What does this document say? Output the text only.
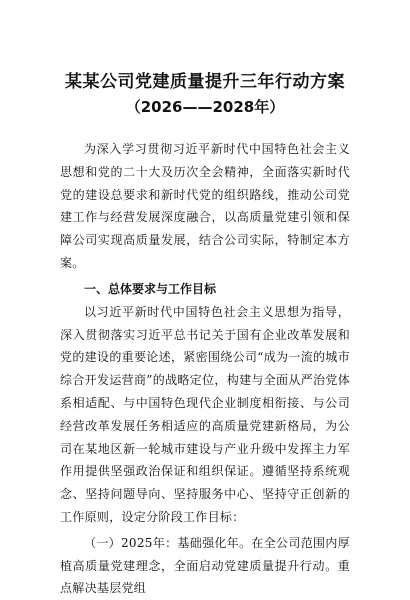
某某公司党建质量提升三年行动方案
（2026——2028年）

为深入学习贯彻习近平新时代中国特色社会主义思想和党的二十大及历次全会精神，全面落实新时代党的建设总要求和新时代党的组织路线，推动公司党建工作与经营发展深度融合，以高质量党建引领和保障公司实现高质量发展，结合公司实际，特制定本方案。

一、总体要求与工作目标

以习近平新时代中国特色社会主义思想为指导，深入贯彻落实习近平总书记关于国有企业改革发展和党的建设的重要论述，紧密围绕公司“成为一流的城市综合开发运营商”的战略定位，构建与全面从严治党体系相适配、与中国特色现代企业制度相衔接、与公司经营改革发展任务相适应的高质量党建新格局，为公司在某地区新一轮城市建设与产业升级中发挥主力军作用提供坚强政治保证和组织保证。遵循坚持系统观念、坚持问题导向、坚持服务中心、坚持守正创新的工作原则，设定分阶段工作目标：

（一）2025年：基础强化年。在全公司范围内厚植高质量党建理念，全面启动党建质量提升行动。重点解决基层党组
